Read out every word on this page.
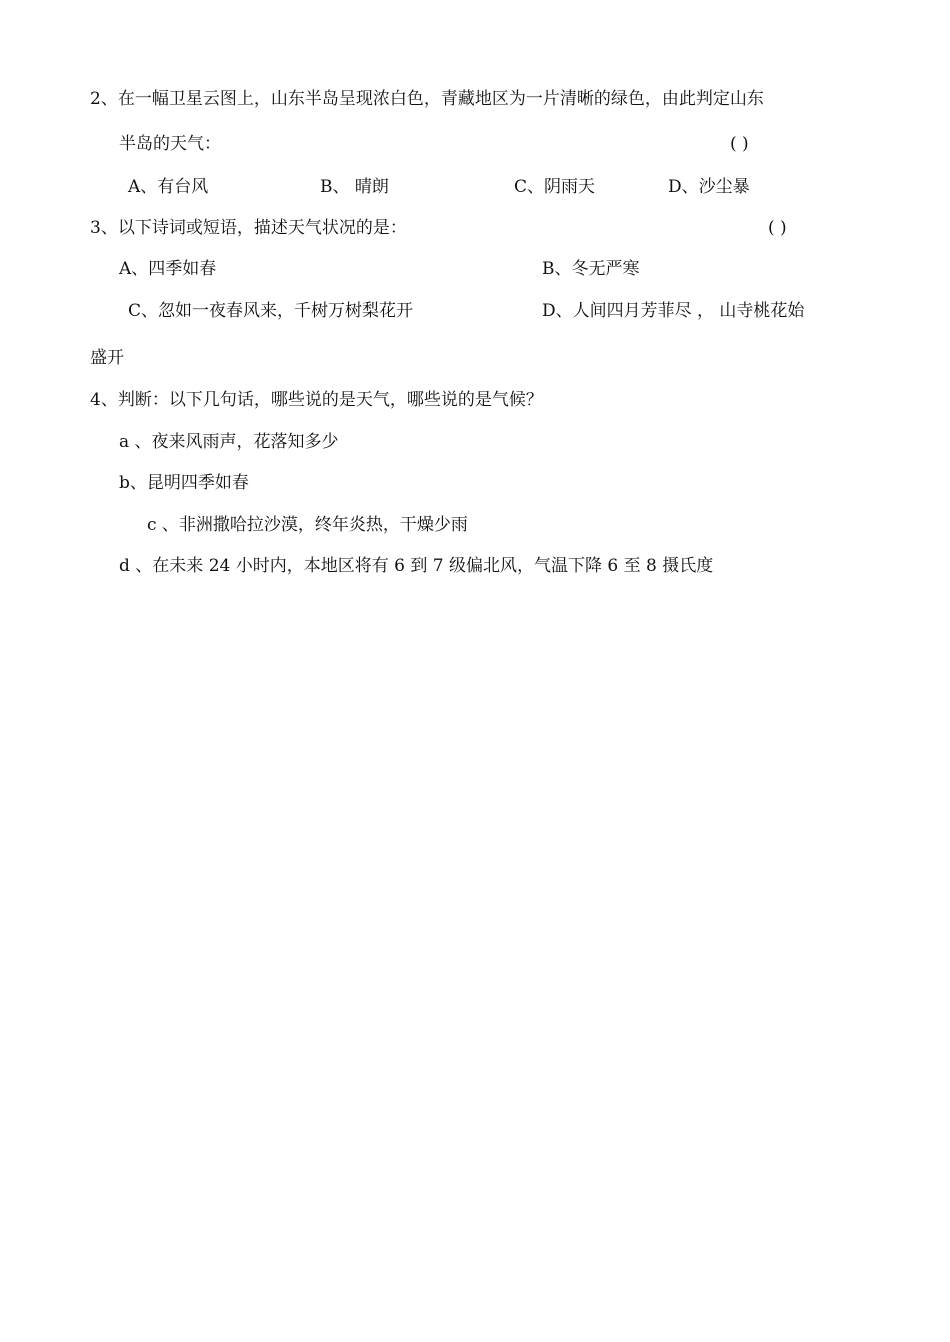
2、在一幅卫星云图上，山东半岛呈现浓白色，青藏地区为一片清晰的绿色，由此判定山东
半岛的天气：	( )
A、有台风	B、 晴朗	C、阴雨天	D、沙尘暴
3、以下诗词或短语，描述天气状况的是：	( )
A、四季如春	B、冬无严寒
C、忽如一夜春风来，千树万树梨花开	D、人间四月芳菲尽 ， 山寺桃花始
盛开
4、判断：以下几句话，哪些说的是天气，哪些说的是气候？
a 、夜来风雨声，花落知多少
b、昆明四季如春
c 、非洲撒哈拉沙漠，终年炎热，干燥少雨
d 、在未来 24 小时内，本地区将有 6 到 7 级偏北风，气温下降 6 至 8 摄氏度
